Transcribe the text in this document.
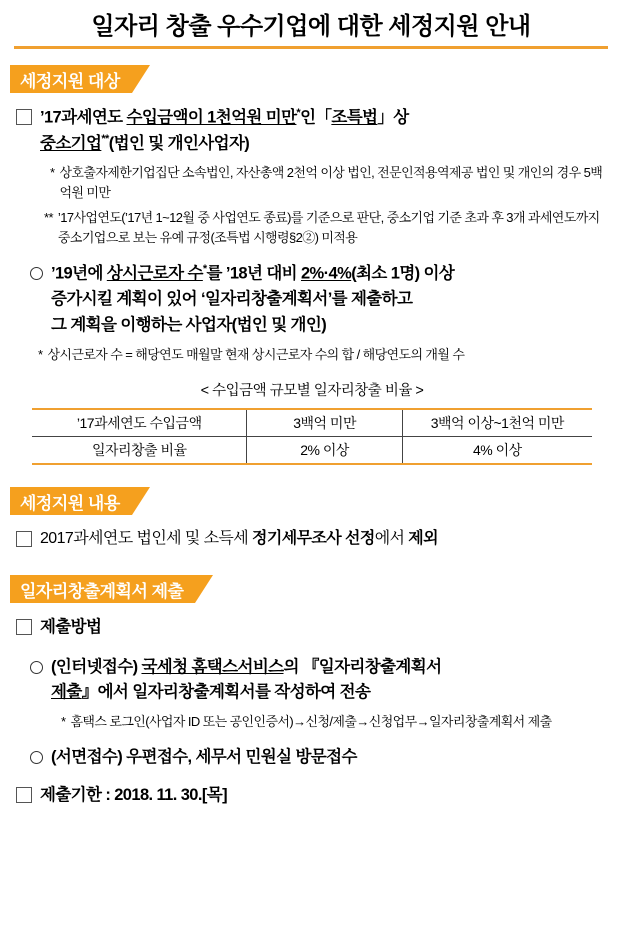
일자리 창출 우수기업에 대한 세정지원 안내
세정지원 대상
’17과세연도 수입금액이 1천억원 미만*인「조특법」상
중소기업**(법인 및 개인사업자)
* 상호출자제한기업집단 소속법인, 자산총액 2천억 이상 법인, 전문인적용역제공 법인 및 개인의 경우 5백억원 미만
** ’17사업연도(’17년 1~12월 중 사업연도 종료)를 기준으로 판단, 중소기업 기준 초과 후 3개 과세연도까지 중소기업으로 보는 유예 규정(조특법 시행령§2②) 미적용
’19년에 상시근로자 수*를 ’18년 대비 2%·4%(최소 1명) 이상
증가시킬 계획이 있어 ‘일자리창출계획서’를 제출하고
그 계획을 이행하는 사업자(법인 및 개인)
* 상시근로자 수 = 해당연도 매월말 현재 상시근로자 수의 합 / 해당연도의 개월 수
< 수입금액 규모별 일자리창출 비율 >
’17과세연도 수입금액	3백억 미만	3백억 이상~1천억 미만
일자리창출 비율	2% 이상	4% 이상
세정지원 내용
2017과세연도 법인세 및 소득세 정기세무조사 선정에서 제외
일자리창출계획서 제출
제출방법
(인터넷접수) 국세청 홈택스서비스의 『일자리창출계획서
제출』에서 일자리창출계획서를 작성하여 전송
* 홈택스 로그인(사업자 ID 또는 공인인증서)→신청/제출→신청업무→일자리창출계획서 제출
(서면접수) 우편접수, 세무서 민원실 방문접수
제출기한 : 2018. 11. 30.[목]
